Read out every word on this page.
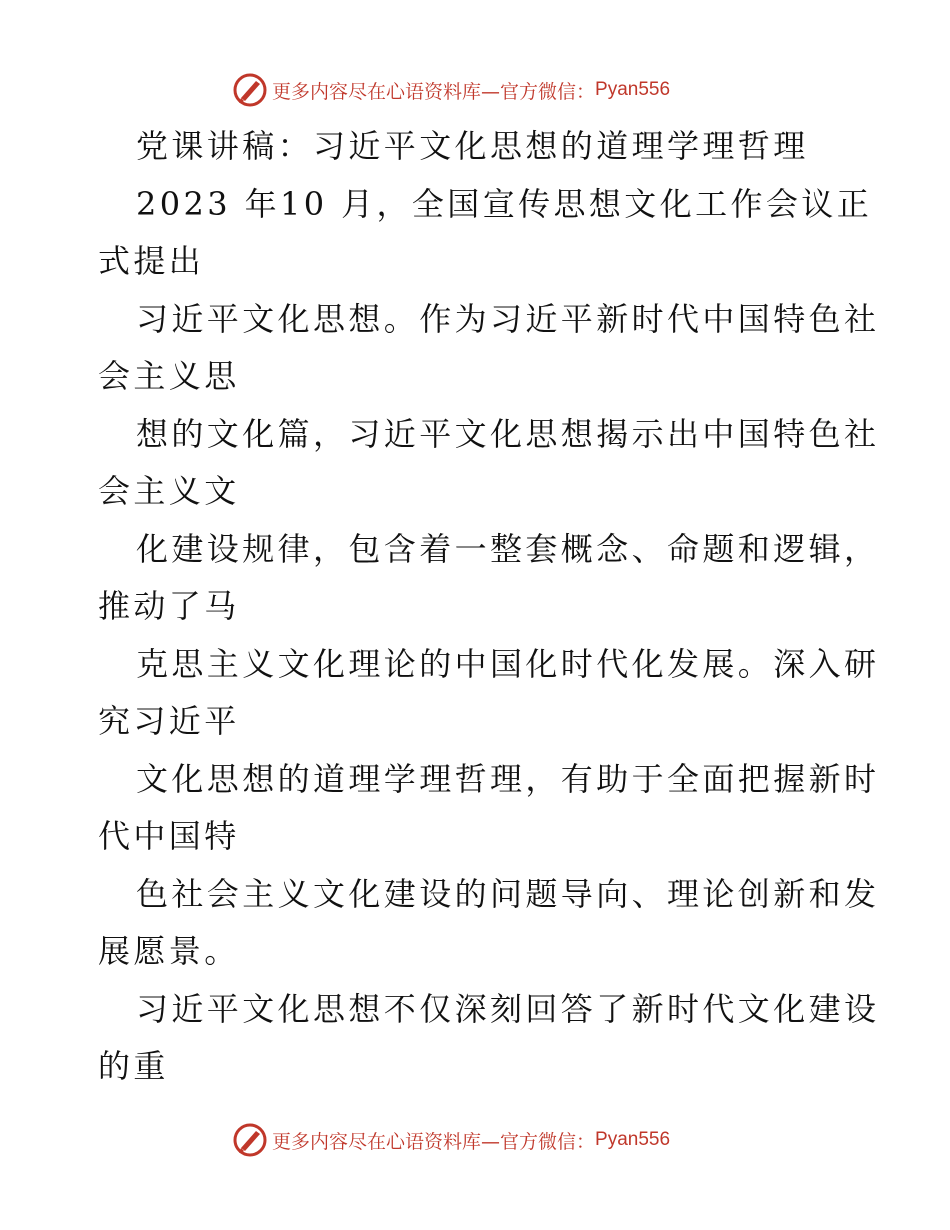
更多内容尽在心语资料库—官方微信： Pyan556
党课讲稿：习近平文化思想的道理学理哲理
2023 年10 月，全国宣传思想文化工作会议正
式提出
习近平文化思想。作为习近平新时代中国特色社
会主义思
想的文化篇，习近平文化思想揭示出中国特色社
会主义文
化建设规律，包含着一整套概念、命题和逻辑，
推动了马
克思主义文化理论的中国化时代化发展。深入研
究习近平
文化思想的道理学理哲理，有助于全面把握新时
代中国特
色社会主义文化建设的问题导向、理论创新和发
展愿景。
习近平文化思想不仅深刻回答了新时代文化建设
的重
更多内容尽在心语资料库—官方微信： Pyan556
